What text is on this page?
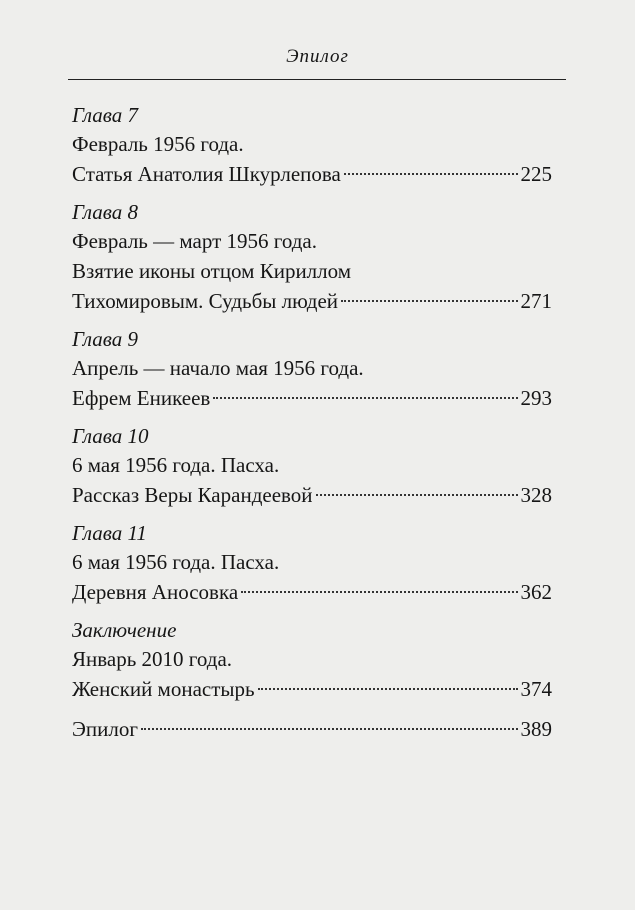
Эпилог
Глава 7
Февраль 1956 года.
Статья Анатолия Шкурлепова	225
Глава 8
Февраль — март 1956 года.
Взятие иконы отцом Кириллом
Тихомировым. Судьбы людей	271
Глава 9
Апрель — начало мая 1956 года.
Ефрем Еникеев	293
Глава 10
6 мая 1956 года. Пасха.
Рассказ Веры Карандеевой	328
Глава 11
6 мая 1956 года. Пасха.
Деревня Аносовка	362
Заключение
Январь 2010 года.
Женский монастырь	374
Эпилог	389
